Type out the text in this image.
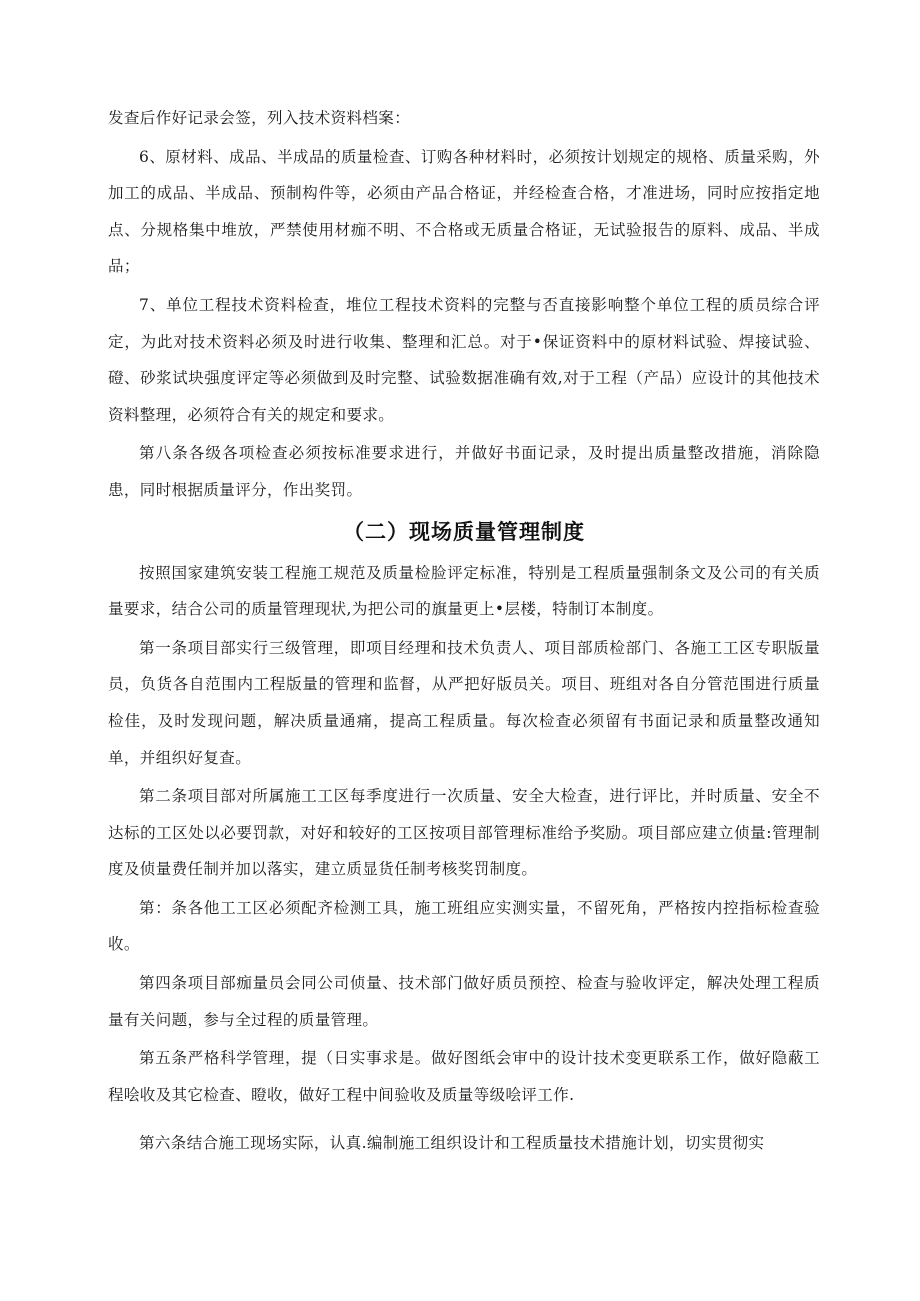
发查后作好记录会签，列入技术资料档案：

6、原材料、成品、半成品的质量检查、订购各种材料时，必须按计划规定的规格、质量采购，外加工的成品、半成品、预制构件等，必须由产品合格证，并经检查合格，才准进场，同时应按指定地点、分规格集中堆放，严禁使用材痂不明、不合格或无质量合格证，无试验报告的原料、成品、半成品；

7、单位工程技术资料检查，堆位工程技术资料的完整与否直接影响整个单位工程的质员综合评定，为此对技术资料必须及时进行收集、整理和汇总。对于•保证资料中的原材料试验、焊接试验、磴、砂浆试块强度评定等必须做到及时完整、试验数据准确有效,对于工程（产品）应设计的其他技术资料整理，必须符合有关的规定和要求。

第八条各级各项检查必须按标准要求进行，并做好书面记录，及时提出质量整改措施，消除隐患，同时根据质量评分，作出奖罚。

（二）现场质量管理制度

按照国家建筑安装工程施工规范及质量检脸评定标准，特别是工程质量强制条文及公司的有关质量要求，结合公司的质量管理现状,为把公司的旗量更上•层楼，特制订本制度。

第一条项目部实行三级管理，即项目经理和技术负责人、项目部质检部门、各施工工区专职版量员，负货各自范围内工程版量的管理和监督，从严把好版员关。项目、班组对各自分管范围进行质量检佳，及时发现问题，解决质量通痛，提高工程质量。每次检查必须留有书面记录和质量整改通知单，并组织好复查。

第二条项目部对所属施工工区每季度进行一次质量、安全大检查，进行评比，并时质量、安全不达标的工区处以必要罚款，对好和较好的工区按项目部管理标准给予奖励。项目部应建立侦量:管理制度及侦量费任制并加以落实，建立质显货任制考核奖罚制度。

第：条各他工工区必须配齐检测工具，施工班组应实测实量，不留死角，严格按内控指标检查验收。

第四条项目部痂量员会同公司侦量、技术部门做好质员预控、检查与验收评定，解决处理工程质量有关问题，参与全过程的质量管理。

第五条严格科学管理，提（日实事求是。做好图纸会审中的设计技术变更联系工作，做好隐蔽工程哙收及其它检查、瞪收，做好工程中间验收及质量等级哙评工作.

第六条结合施工现场实际，认真.编制施工组织设计和工程质量技术措施计划，切实贯彻实
